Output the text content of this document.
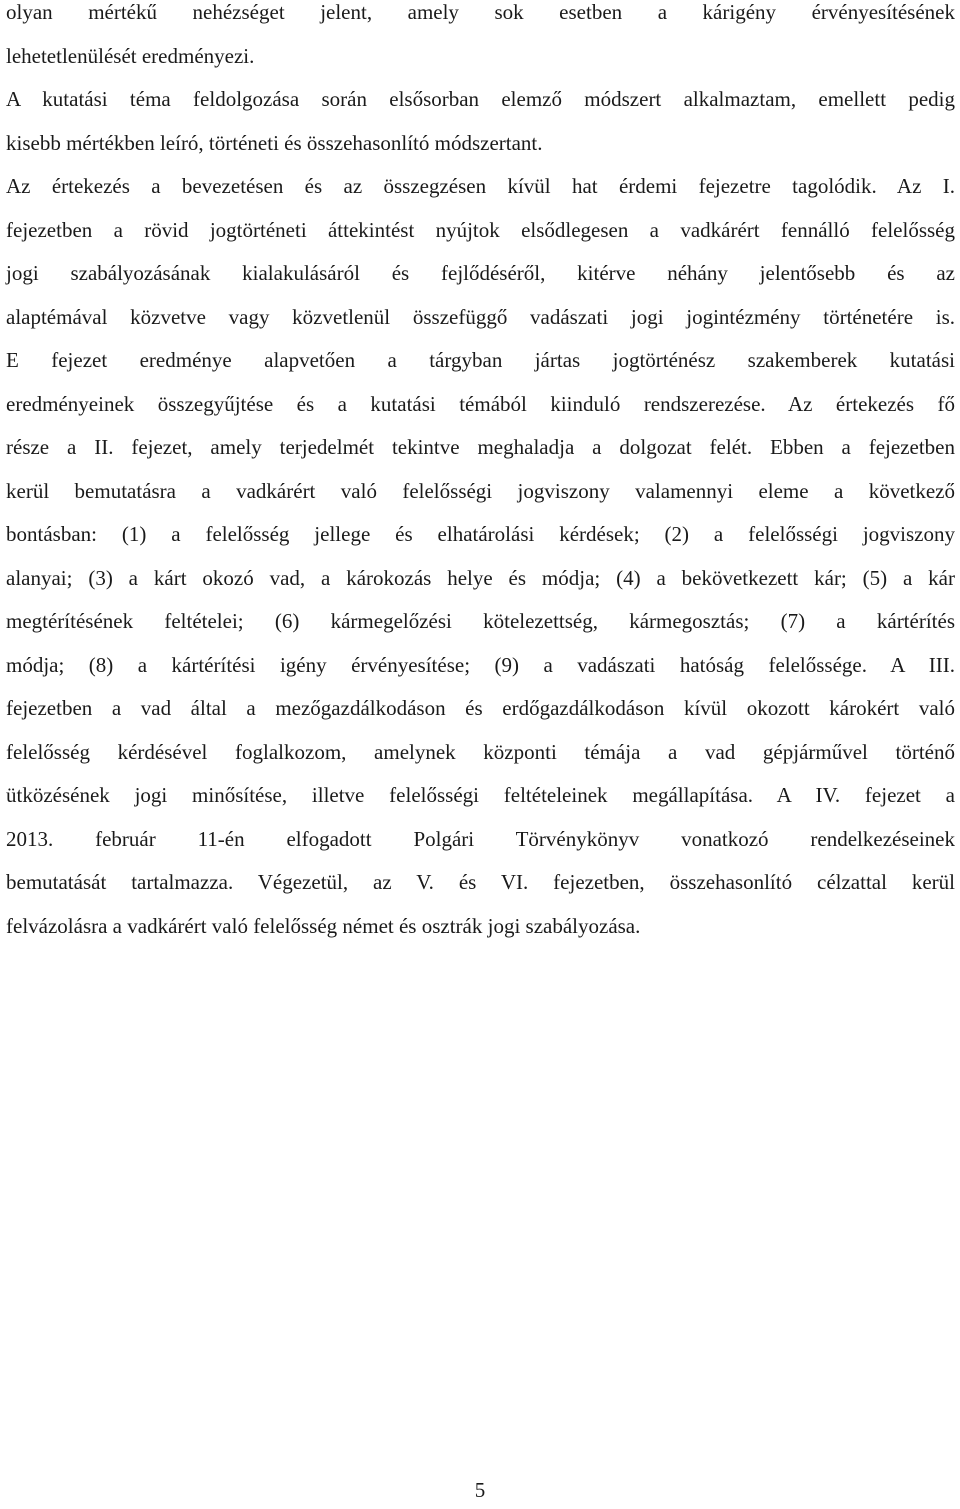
olyan mértékű nehézséget jelent, amely sok esetben a kárigény érvényesítésének
lehetetlenülését eredményezi.
A kutatási téma feldolgozása során elsősorban elemző módszert alkalmaztam, emellett pedig
kisebb mértékben leíró, történeti és összehasonlító módszertant.
Az értekezés a bevezetésen és az összegzésen kívül hat érdemi fejezetre tagolódik. Az I.
fejezetben a rövid jogtörténeti áttekintést nyújtok elsődlegesen a vadkárért fennálló felelősség
jogi szabályozásának kialakulásáról és fejlődéséről, kitérve néhány jelentősebb és az
alaptémával közvetve vagy közvetlenül összefüggő vadászati jogi jogintézmény történetére is.
E fejezet eredménye alapvetően a tárgyban jártas jogtörténész szakemberek kutatási
eredményeinek összegyűjtése és a kutatási témából kiinduló rendszerezése. Az értekezés fő
része a II. fejezet, amely terjedelmét tekintve meghaladja a dolgozat felét. Ebben a fejezetben
kerül bemutatásra a vadkárért való felelősségi jogviszony valamennyi eleme a következő
bontásban: (1) a felelősség jellege és elhatárolási kérdések; (2) a felelősségi jogviszony
alanyai; (3) a kárt okozó vad, a károkozás helye és módja; (4) a bekövetkezett kár; (5) a kár
megtérítésének feltételei; (6) kármegelőzési kötelezettség, kármegosztás; (7) a kártérítés
módja; (8) a kártérítési igény érvényesítése; (9) a vadászati hatóság felelőssége. A III.
fejezetben a vad által a mezőgazdálkodáson és erdőgazdálkodáson kívül okozott károkért való
felelősség kérdésével foglalkozom, amelynek központi témája a vad gépjárművel történő
ütközésének jogi minősítése, illetve felelősségi feltételeinek megállapítása. A IV. fejezet a
2013. február 11-én elfogadott Polgári Törvénykönyv vonatkozó rendelkezéseinek
bemutatását tartalmazza. Végezetül, az V. és VI. fejezetben, összehasonlító célzattal kerül
felvázolásra a vadkárért való felelősség német és osztrák jogi szabályozása.
5
